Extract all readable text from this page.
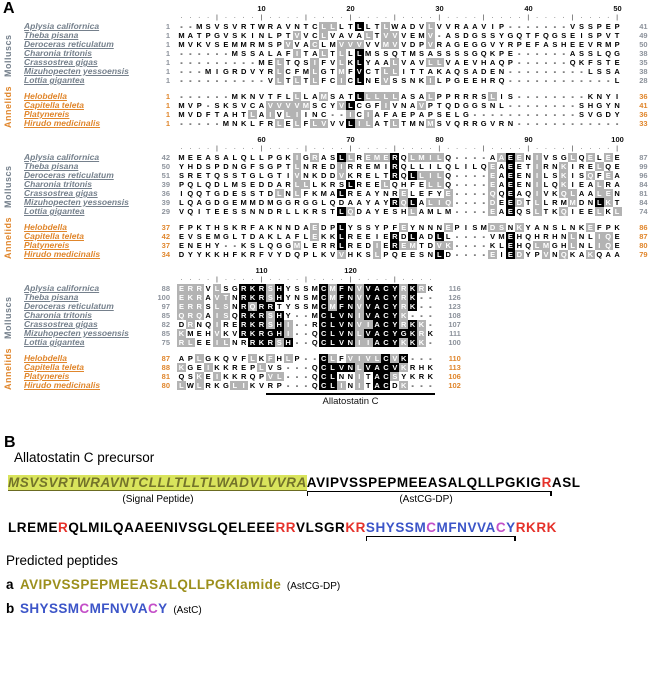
A	10	20	30	40	50
·	·	·	·	|	·	·	·	·	|	·	·	·	·	|	·	·	·	·	|	·	·	·	·	|	·	·	·	·	|	·	·	·	·	|	·	·	·	·	|	·	·	·	·	|	·	·	·	·	|
Aplysia californica	1	- - M S V S V R T W R A V N T C L L L T L L T L W A D V L V V R A A V I P - - - - - - - V S S P E P	41
Theba pisana	1 M A T P G V S K I N L P T V V C L V A V A L T V V V E M V - A S D G S S Y G Q T F Q G S E I S P V T	49
Deroceras reticulatum	1 M V K V S E M M R M S P V V A C L M V V V V V M V V D P V R A G E G G V Y R P E F A S H E E V R M P	50
Charonia tritonis	1	- - - - - - M S S A L A F I T A L T L L L M S S Q T M S A S S S S G Q K P E - - - - - - A S S L Q G	38
Crassostrea gigas	1	- - - - - - - - - M E L T Q S I F V L K L Y A A L V A V L L V A E V H A Q P - - - - - - Q K F S T E	35
Mizuhopecten yessoensis	1	- - - M I G R D V Y R L C F M L G T M F V C T L L I T T A K A Q S A D E N - - - - - - - - - L S S A	38
Lottia gigantea	1	- - - - - - - - - - V L T L T L F C I C L N E V S S N K I L P G E E H R Q - - - - - - - - - - - - L	28
Helobdella	1	- - - - - - M K N V T F L L L A M S A T L L L L L A S A L P P R R R S L I S - - - - - - - - K N Y I	36
Capitella teleta	1 M V P - S K S V C A V V V V M S C Y V L C G F I V N A V P T Q D G G S N L - - - - - - - - S H G Y N	41
Platynereis	1 M V D F T A H T L A I V L I I N C - - I C I A F A E P A P S E L G - - - - - - - - - - - - S V G D Y	36
Hirudo medicinalis	1	- - - - - M N K L F R L E L F L V V V L I L A T L T M N M S V Q R R G V R N - - - - - - - - - - - -	33
Molluscs
Annelids
60	70	80	90	100
·	·	·	·	|	·	·	·	·	|	·	·	·	·	|	·	·	·	·	|	·	·	·	·	|	·	·	·	·	|	·	·	·	·	|	·	·	·	·	|	·	·	·	·	|	·	·	·	·	|
Aplysia californica	42 M E E A S A L Q L L P G K I G R A S L L R E M E R Q L M I L Q - - - - A A E E N I V S G L Q E L E E	87
Theba pisana	50 Y H D S P D N G F S G P T L N R E D I R R E M I R Q L L I L Q L I L Q E A E E T I R N K I R E L Q E	99
Deroceras reticulatum	51 S R E T Q S S T G L G T I V N K D D V K R E L T R Q L L I L Q - - - - E A E E N I L S K I S Q F E A	96
Charonia tritonis	39 P Q L Q D L M S E D D A R L L L K R S L R E E L Q H F E L L Q - - - - E A E E N I L Q K I E A L R A	84
Crassostrea gigas	36	I Q Q T G D E S S T D L N L F K M A L R E A Y N R E L E F Y E - - - - Q Q E A Q I V K Q L A A L E N	81
Mizuhopecten yessoensis	39 L Q A G D G E M M D M G G R G G L Q D A A Y A Y R Q L A L I Q - - - - D E E D T L L R M M D N L K T	84
Lottia gigantea	29 V Q I T E E S S N N D R L L K R S T L Q D A Y E S H L A M L M - - - - E A E Q S L T K Q I E E L K L	74
Helobdella	37 F P K T H S K R F A K N N D A E D P L Y S S Y P F E Y N N N E P I S M D S N K Y A N S L N K E F P K	86
Capitella teleta	42 E V S E M G L T D A K L A F L E K K L R E E I E R D L A D L L - - - - V M E H Q H R H N L N L I Q E	87
Platynereis	37 E N E H Y - - K S L Q G G M L E R R L R E D I E R E M T D V K - - - - K L E H Q L M G H L N L I Q E	80
Hirudo medicinalis	34 D Y Y K K H F K R F V Y D Q P L K V V H K S L P Q E E S N L D - - - - E I E D Y P V N Q K A K Q A A	79
Molluscs
Annelids
110	120
·	·	·	·	|	·	·	·	·	|	·	·	·	·	|	·	·	·	·	|	·	·	·	·	|	·	·	·	·
Aplysia californica	88 E R R V L S G R K R S H Y S S M C M F N V V A C Y R K R K	116
Theba pisana	100 E K R A V T N R K R S H Y N S M C M F N V V A C Y R K - -	126
Deroceras reticulatum	97 E R R S L S N R Q R R T Y S S M C M F N V V A C Y R K - -	123
Charonia tritonis	85 Q R Q A I S Q R K R S H Y - - M C L V N I V A C Y K - - -	108
Crassostrea gigas	82 D R N Q I R E R K R S H I - - R C L V N V I A C Y R K K -	107
Mizuhopecten yessoensis	85 K M E H V K V R K R G H I - - Q C L V N L V A C Y G K R K	111
Lottia gigantea	75 R L E E I L N R R K R S H - - Q C L V N I I A C Y K K K -	100
Helobdella	87 A P L G K Q V F L K F H L P - - C L F V I V L C V K - - -	110
Capitella teleta	88 K G E I K K R E P L V S - - - Q C L V N L V A C V K R H K	113
Platynereis	81 Q S K E I K K R Q P V L - - - Q C L N N I T A C S Y K R K	106
Hirudo medicinalis	80 L W L R K G L I K V R P - - - Q C L I N I T A C D K - - -	102
Molluscs
Annelids
Allatostatin C
B
Allatostatin C precursor
MSVSVRTWRAVNTCLLLTLLTLWADVLVVRAAVIPVSSPEPMEEASALQLLPGKIGRASL
(Signal Peptide)	(AstCG-DP)
LREMERQLMILQAAEENIVSGLQELEEERRVLSGRKRSHYSSMCMFNVVACYRKRK
Predicted peptides
a AVIPVSSPEPMEEASALQLLPGKIamide (AstCG-DP)
b SHYSSMCMFNVVACY (AstC)
